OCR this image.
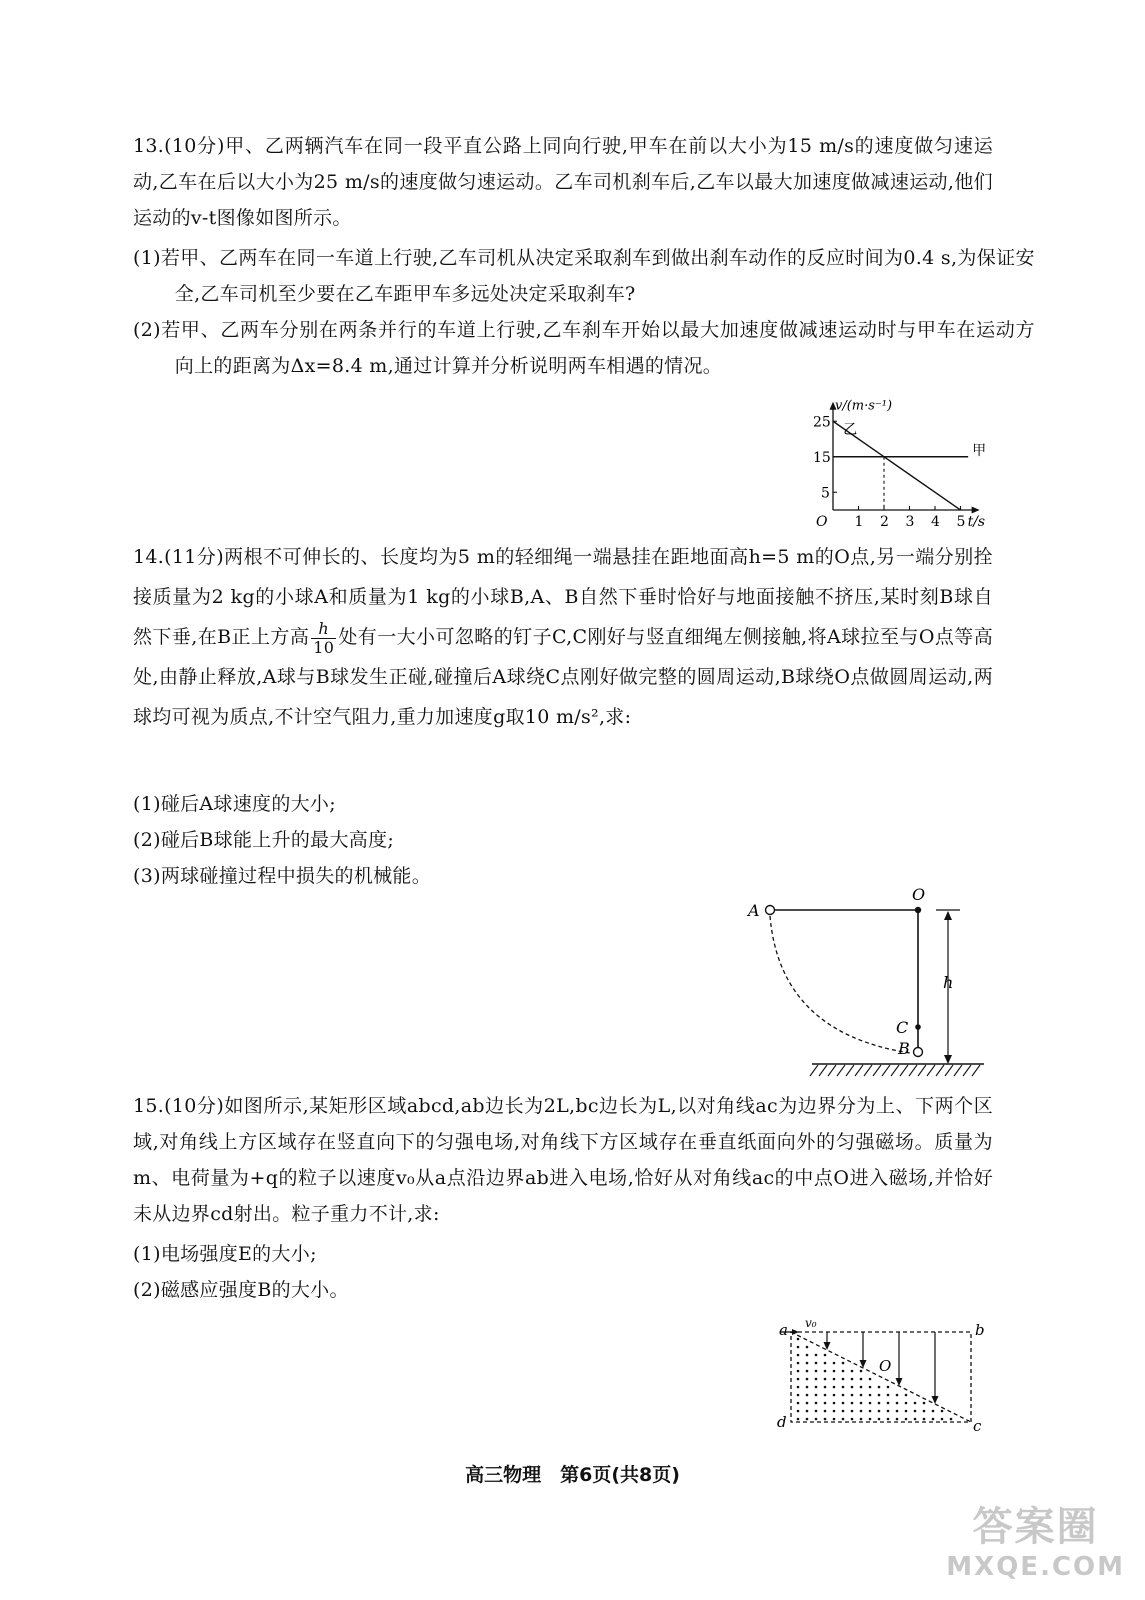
13.(10分)甲、乙两辆汽车在同一段平直公路上同向行驶,甲车在前以大小为15 m/s的速度做匀速运动,乙车在后以大小为25 m/s的速度做匀速运动。乙车司机刹车后,乙车以最大加速度做减速运动,他们运动的v-t图像如图所示。

(1)若甲、乙两车在同一车道上行驶,乙车司机从决定采取刹车到做出刹车动作的反应时间为0.4 s,为保证安全,乙车司机至少要在乙车距甲车多远处决定采取刹车?

(2)若甲、乙两车分别在两条并行的车道上行驶,乙车刹车开始以最大加速度做减速运动时与甲车在运动方向上的距离为Δx=8.4 m,通过计算并分析说明两车相遇的情况。

1 2 3 4 5
5
15
25
O
v/(m·s⁻¹)
t/s
甲
乙

14.(11分)两根不可伸长的、长度均为5 m的轻细绳一端悬挂在距地面高h=5 m的O点,另一端分别拴接质量为2 kg的小球A和质量为1 kg的小球B,A、B自然下垂时恰好与地面接触不挤压,某时刻B球自然下垂,在B正上方高 $\frac{h}{10}$ 处有一大小可忽略的钉子C,C刚好与竖直细绳左侧接触,将A球拉至与O点等高处,由静止释放,A球与B球发生正碰,碰撞后A球绕C点刚好做完整的圆周运动,B球绕O点做圆周运动,两球均可视为质点,不计空气阻力,重力加速度g取10 m/s²,求:

(1)碰后A球速度的大小;

(2)碰后B球能上升的最大高度;

(3)两球碰撞过程中损失的机械能。

A
O
C
B
h

15.(10分)如图所示,某矩形区域abcd,ab边长为2L,bc边长为L,以对角线ac为边界分为上、下两个区域,对角线上方区域存在竖直向下的匀强电场,对角线下方区域存在垂直纸面向外的匀强磁场。质量为m、电荷量为+q的粒子以速度v₀从a点沿边界ab进入电场,恰好从对角线ac的中点O进入磁场,并恰好未从边界cd射出。粒子重力不计,求:

(1)电场强度E的大小;

(2)磁感应强度B的大小。

a v₀	b
c
d
O
高三物理　第6页(共8页)
答案圈
MXQE.COM
